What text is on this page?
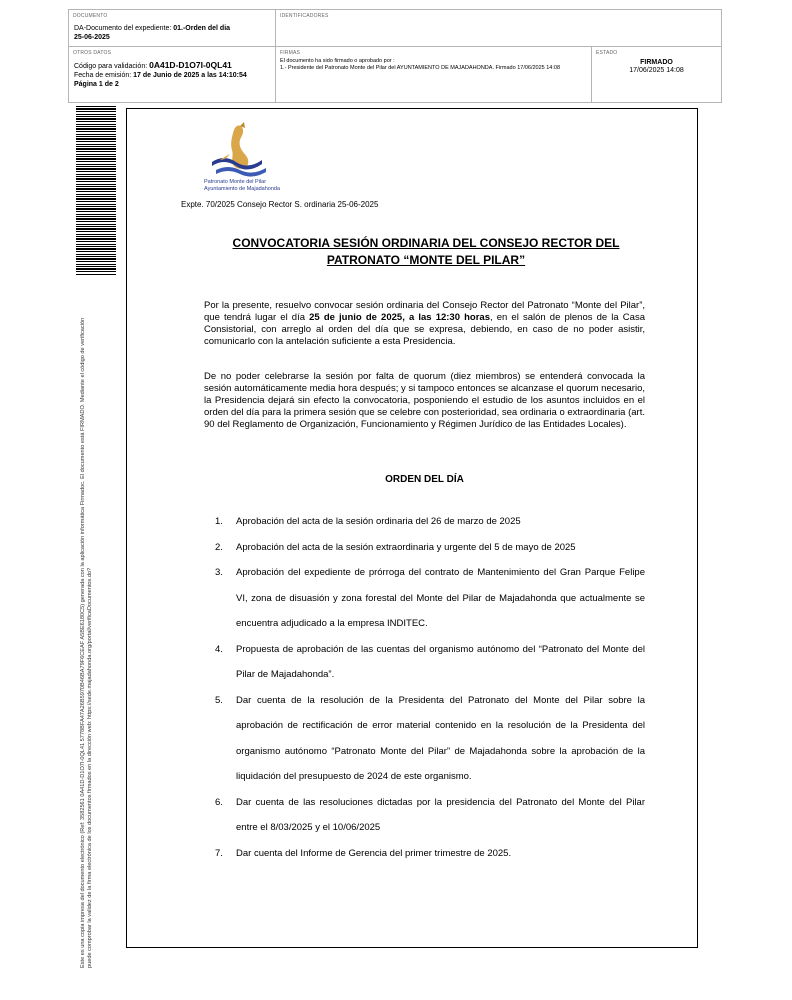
DOCUMENTO
DA-Documento del expediente: 01.-Orden del dia 25-06-2025
IDENTIFICADORES
OTROS DATOS
Código para validación: 0A41D-D1O7I-0QL41
Fecha de emisión: 17 de Junio de 2025 a las 14:10:54
Página 1 de 2
FIRMAS
El documento ha sido firmado o aprobado por :
1.- Presidente del Patronato Monte del Pilar del AYUNTAMIENTO DE MAJADAHONDA. Firmado 17/06/2025 14:08
ESTADO
FIRMADO
17/06/2025 14:08
Este es una copia impresa del documento electrónico (Ref: 3582561 0A41D-D1O7I-0QL41 5778BFA47A26B5970B46BA79F6CEAF A5BE6180C5) generada con la aplicación informática Firmadoc. El documento está FIRMADO. Mediante el código de verificación puede comprobar la validez de la firma electrónica de los documentos firmados en la dirección web: https://sede.majadahonda.org/portal/verificaDocumentos.do?
Patronato Monte del Pilar
Ayuntamiento de Majadahonda
Expte. 70/2025 Consejo Rector S. ordinaria 25-06-2025
CONVOCATORIA SESIÓN ORDINARIA DEL CONSEJO RECTOR DEL PATRONATO “MONTE DEL PILAR”
Por la presente, resuelvo convocar sesión ordinaria del Consejo Rector del Patronato “Monte del Pilar”, que tendrá lugar el día 25 de junio de 2025, a las 12:30 horas, en el salón de plenos de la Casa Consistorial, con arreglo al orden del día que se expresa, debiendo, en caso de no poder asistir, comunicarlo con la antelación suficiente a esta Presidencia.
De no poder celebrarse la sesión por falta de quorum (diez miembros) se entenderá convocada la sesión automáticamente media hora después; y si tampoco entonces se alcanzase el quorum necesario, la Presidencia dejará sin efecto la convocatoria, posponiendo el estudio de los asuntos incluidos en el orden del día para la primera sesión que se celebre con posterioridad, sea ordinaria o extraordinaria (art. 90 del Reglamento de Organización, Funcionamiento y Régimen Jurídico de las Entidades Locales).
ORDEN DEL DÍA
1. Aprobación del acta de la sesión ordinaria del 26 de marzo de 2025
2. Aprobación del acta de la sesión extraordinaria y urgente del 5 de mayo de 2025
3. Aprobación del expediente de prórroga del contrato de Mantenimiento del Gran Parque Felipe VI, zona de disuasión y zona forestal del Monte del Pilar de Majadahonda que actualmente se encuentra adjudicado a la empresa INDITEC.
4. Propuesta de aprobación de las cuentas del organismo autónomo del “Patronato del Monte del Pilar de Majadahonda”.
5. Dar cuenta de la resolución de la Presidenta del Patronato del Monte del Pilar sobre la aprobación de rectificación de error material contenido en la resolución de la Presidenta del organismo autónomo “Patronato Monte del Pilar” de Majadahonda sobre la aprobación de la liquidación del presupuesto de 2024 de este organismo.
6. Dar cuenta de las resoluciones dictadas por la presidencia del Patronato del Monte del Pilar entre el 8/03/2025 y el 10/06/2025
7. Dar cuenta del Informe de Gerencia del primer trimestre de 2025.
